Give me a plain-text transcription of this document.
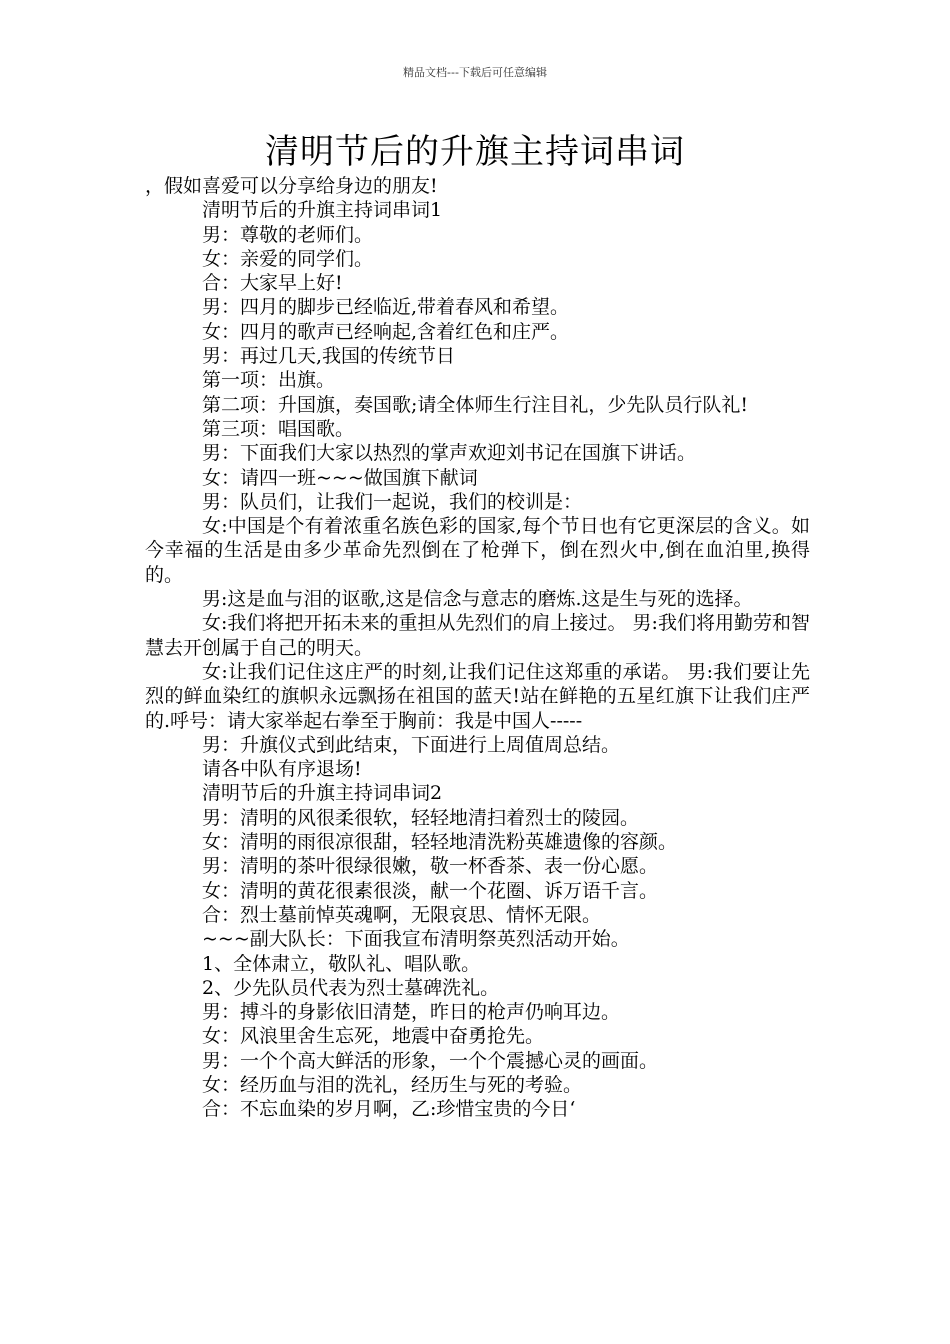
精品文档---下载后可任意编辑
清明节后的升旗主持词串词

，假如喜爱可以分享给身边的朋友!

清明节后的升旗主持词串词1

男：尊敬的老师们。

女：亲爱的同学们。

合：大家早上好!

男：四月的脚步已经临近,带着春风和希望。

女：四月的歌声已经响起,含着红色和庄严。

男：再过几天,我国的传统节日

第一项：出旗。

第二项：升国旗，奏国歌;请全体师生行注目礼，少先队员行队礼!

第三项：唱国歌。

男：下面我们大家以热烈的掌声欢迎刘书记在国旗下讲话。

女：请四一班~~~做国旗下献词

男：队员们，让我们一起说，我们的校训是：

女:中国是个有着浓重名族色彩的国家,每个节日也有它更深层的含义。如今幸福的生活是由多少革命先烈倒在了枪弹下，倒在烈火中,倒在血泊里,换得的。

男:这是血与泪的讴歌,这是信念与意志的磨炼.这是生与死的选择。

女:我们将把开拓未来的重担从先烈们的肩上接过。 男:我们将用勤劳和智慧去开创属于自己的明天。

女:让我们记住这庄严的时刻,让我们记住这郑重的承诺。 男:我们要让先烈的鲜血染红的旗帜永远飘扬在祖国的蓝天!站在鲜艳的五星红旗下让我们庄严的.呼号：请大家举起右拳至于胸前：我是中国人-----

男：升旗仪式到此结束，下面进行上周值周总结。

请各中队有序退场!

清明节后的升旗主持词串词2

男：清明的风很柔很软，轻轻地清扫着烈士的陵园。

女：清明的雨很凉很甜，轻轻地清洗粉英雄遗像的容颜。

男：清明的茶叶很绿很嫩，敬一杯香茶、表一份心愿。

女：清明的黄花很素很淡，献一个花圈、诉万语千言。

合：烈士墓前悼英魂啊，无限哀思、情怀无限。

~~~副大队长：下面我宣布清明祭英烈活动开始。

1、全体肃立，敬队礼、唱队歌。

2、少先队员代表为烈士墓碑洗礼。

男：搏斗的身影依旧清楚，昨日的枪声仍响耳边。

女：风浪里舍生忘死，地震中奋勇抢先。

男：一个个高大鲜活的形象，一个个震撼心灵的画面。

女：经历血与泪的洗礼，经历生与死的考验。

合：不忘血染的岁月啊，乙:珍惜宝贵的今日‘
